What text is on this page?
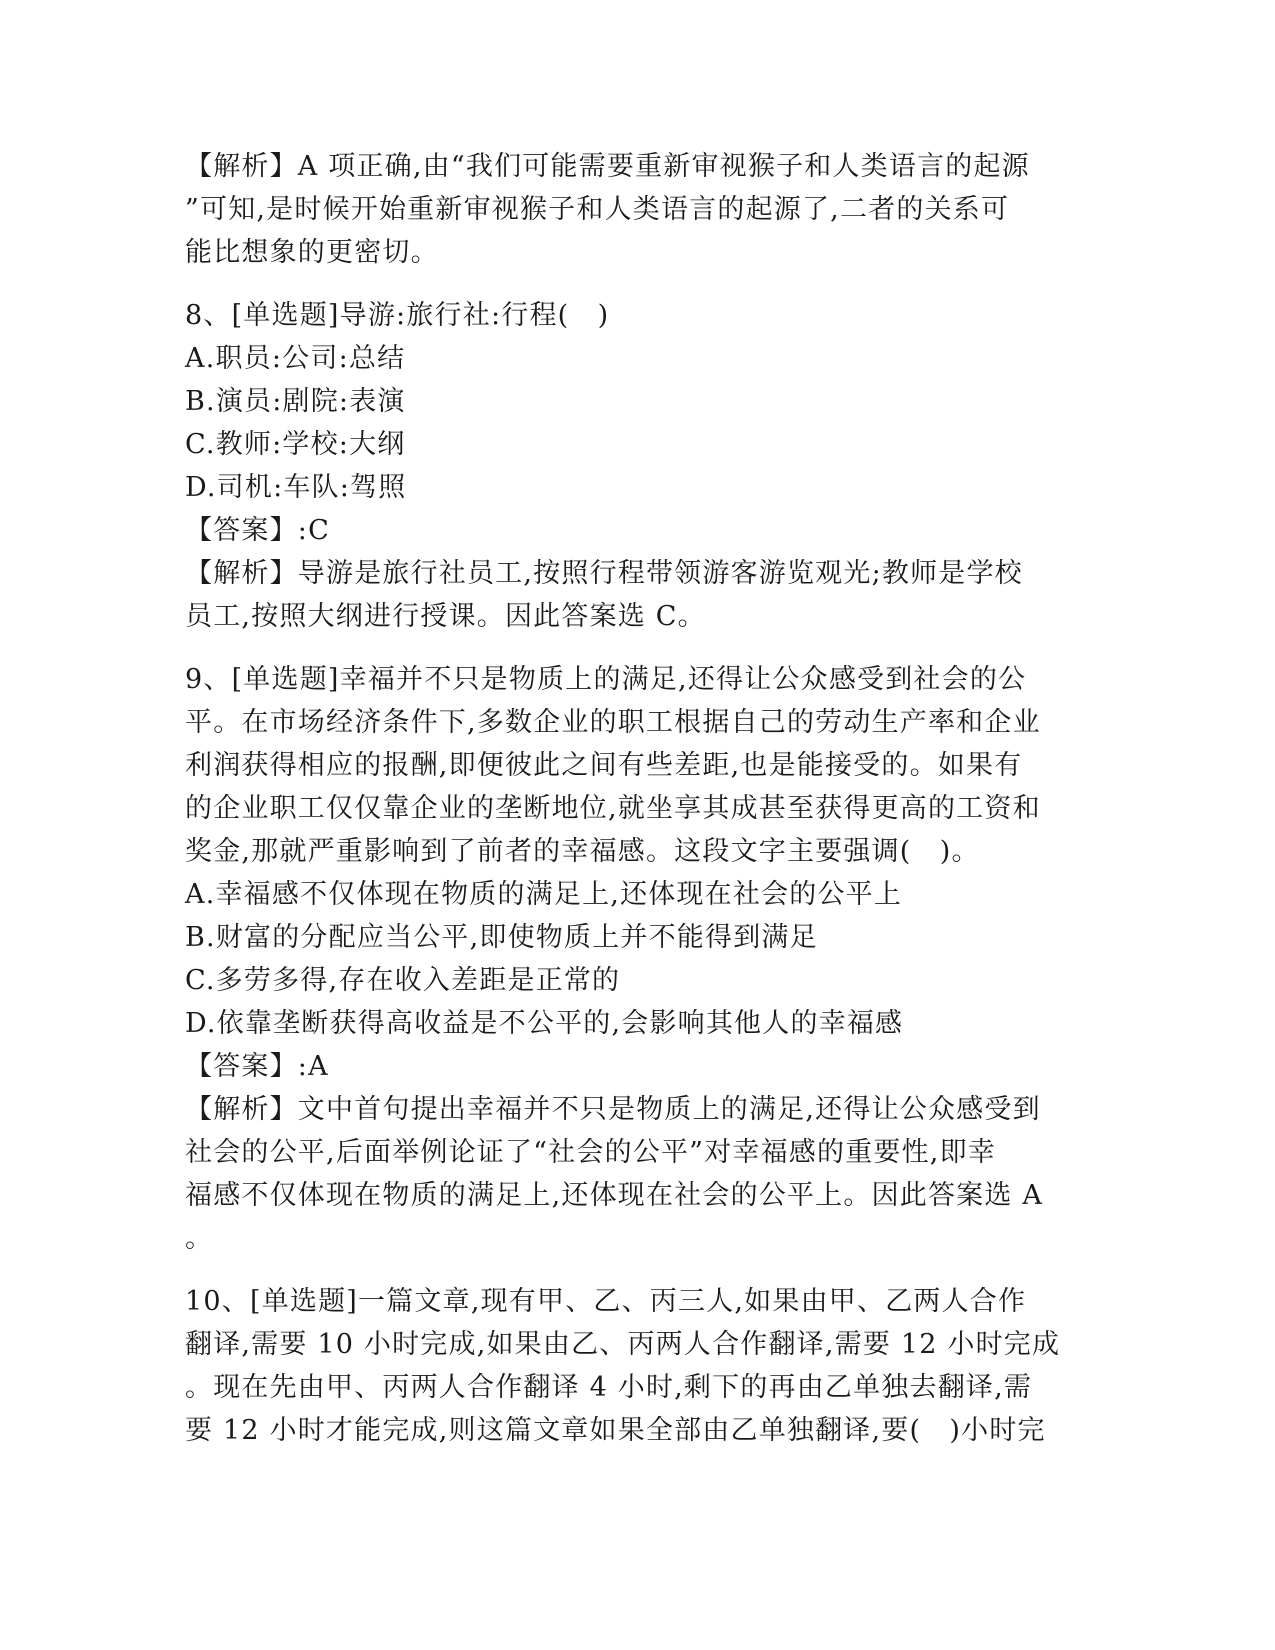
【解析】A 项正确,由“我们可能需要重新审视猴子和人类语言的起源
”可知,是时候开始重新审视猴子和人类语言的起源了,二者的关系可
能比想象的更密切。
8、[单选题]导游:旅行社:行程(　)
A.职员:公司:总结
B.演员:剧院:表演
C.教师:学校:大纲
D.司机:车队:驾照
【答案】:C
【解析】导游是旅行社员工,按照行程带领游客游览观光;教师是学校
员工,按照大纲进行授课。因此答案选 C。
9、[单选题]幸福并不只是物质上的满足,还得让公众感受到社会的公
平。在市场经济条件下,多数企业的职工根据自己的劳动生产率和企业
利润获得相应的报酬,即便彼此之间有些差距,也是能接受的。如果有
的企业职工仅仅靠企业的垄断地位,就坐享其成甚至获得更高的工资和
奖金,那就严重影响到了前者的幸福感。这段文字主要强调(　)。
A.幸福感不仅体现在物质的满足上,还体现在社会的公平上
B.财富的分配应当公平,即使物质上并不能得到满足
C.多劳多得,存在收入差距是正常的
D.依靠垄断获得高收益是不公平的,会影响其他人的幸福感
【答案】:A
【解析】文中首句提出幸福并不只是物质上的满足,还得让公众感受到
社会的公平,后面举例论证了“社会的公平”对幸福感的重要性,即幸
福感不仅体现在物质的满足上,还体现在社会的公平上。因此答案选 A
。
10、[单选题]一篇文章,现有甲、乙、丙三人,如果由甲、乙两人合作
翻译,需要 10 小时完成,如果由乙、丙两人合作翻译,需要 12 小时完成
。现在先由甲、丙两人合作翻译 4 小时,剩下的再由乙单独去翻译,需
要 12 小时才能完成,则这篇文章如果全部由乙单独翻译,要(　)小时完
